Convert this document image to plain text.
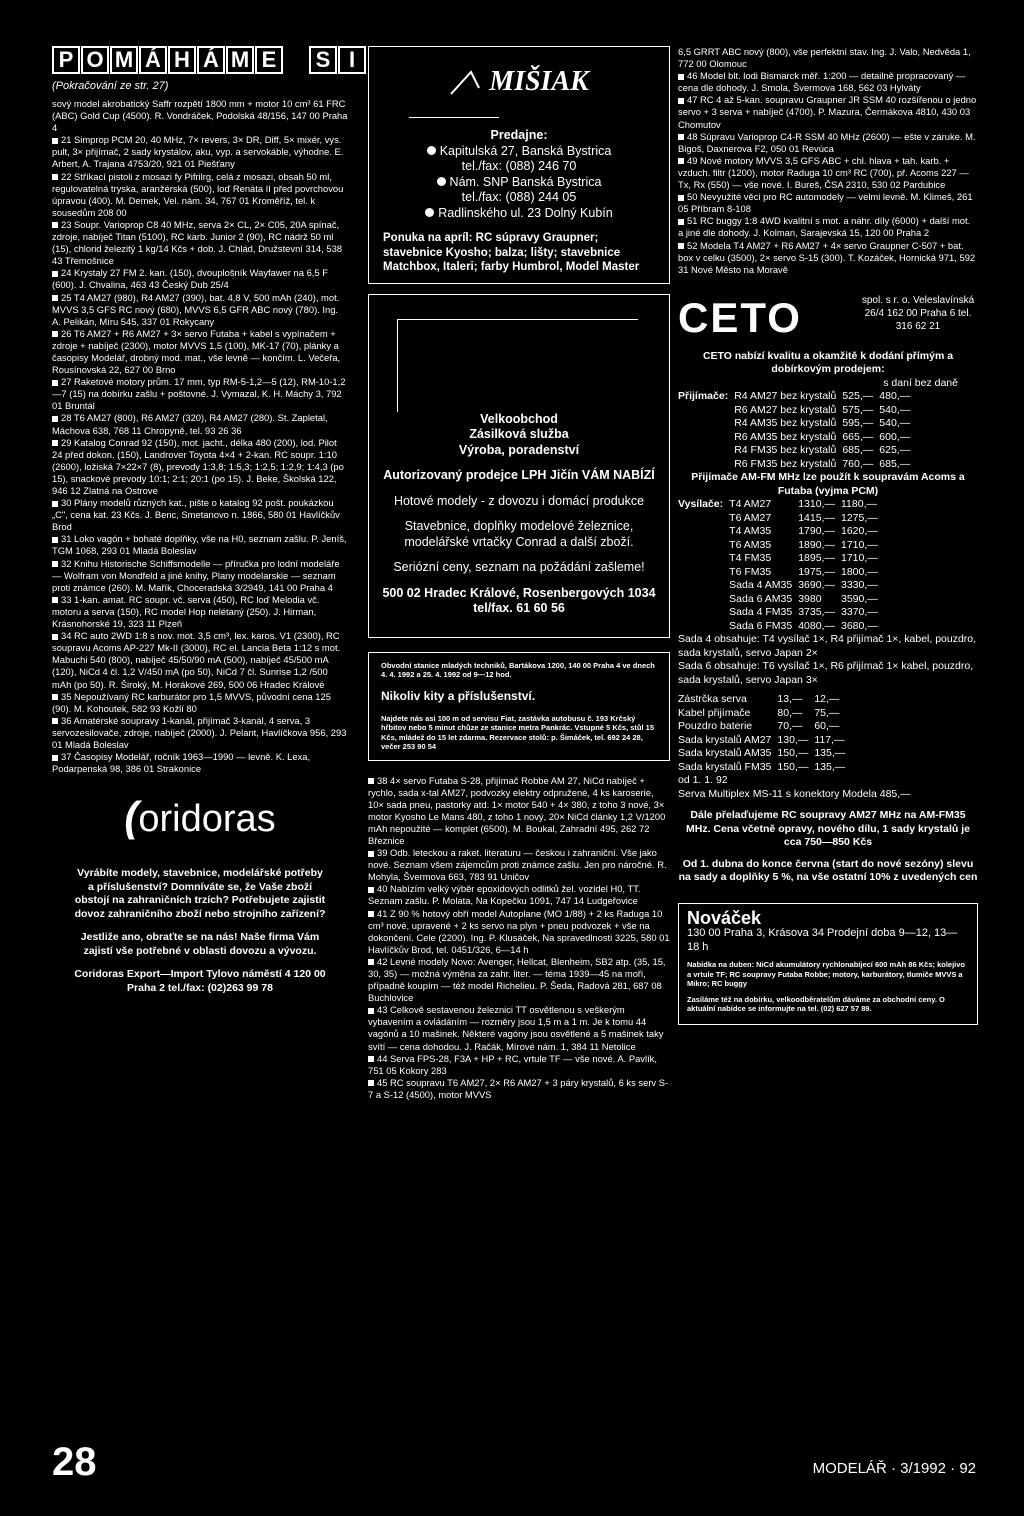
P O M Á H Á M E	S I
(Pokračování ze str. 27)

sový model akrobatický Saffr rozpětí 1800 mm + motor 10 cm³ 61 FRC (ABC) Gold Cup (4500). R. Vondráček, Podolská 48/156, 147 00 Praha 4

21 Simprop PCM 20, 40 MHz, 7× revers, 3× DR, Diff, 5× mixér, vys. pult, 3× přijímač, 2 sady krystálov, aku, vyp. a servokáble, výhodne. E. Arbert, A. Trajana 4753/20, 921 01 Piešťany

22 Stříkací pistoli z mosazi fy Pifrilrg, celá z mosazi, obsah 50 ml, regulovatelná tryska, aranžérská (500), loď Renáta II před povrchovou úpravou (400). M. Demek, Vel. nám. 34, 767 01 Kroměříž, tel. k sousedům 208 00

23 Soupr. Varioprop C8 40 MHz, serva 2× CL, 2× C05, 20A spínač, zdroje, nabíječ Titan (5100), RC karb. Junior 2 (90), RC nádrž 50 ml (15), chlorid železitý 1 kg/14 Kčs + dob. J. Chlád, Družstevní 314, 538 43 Třemošnice

24 Krystaly 27 FM 2. kan. (150), dvouplošník Wayfawer na 6,5 F (600). J. Chvalina, 463 43 Český Dub 25/4

25 T4 AM27 (980), R4 AM27 (390), bat. 4,8 V, 500 mAh (240), mot. MVVS 3,5 GFS RC nový (680), MVVS 6,5 GFR ABC nový (780). Ing. A. Pelikán, Míru 545, 337 01 Rokycany

26 T6 AM27 + R6 AM27 + 3× servo Futaba + kabel s vypínačem + zdroje + nabíječ (2300), motor MVVS 1,5 (100), MK-17 (70), plánky a časopisy Modelář, drobný mod. mat., vše levně — končím. L. Večeřa, Rousínovská 22, 627 00 Brno

27 Raketové motory prům. 17 mm, typ RM-5-1,2—5 (12), RM-10-1,2—7 (15) na dobírku zašlu + poštovné. J. Vymazal, K. H. Máchy 3, 792 01 Bruntál

28 T6 AM27 (800), R6 AM27 (320), R4 AM27 (280). St. Zapletal, Máchova 638, 768 11 Chropyně, tel. 93 26 36

29 Katalog Conrad 92 (150), mot. jacht., délka 480 (200), lod. Pilot 24 před dokon. (150), Landrover Toyota 4×4 + 2-kan. RC soupr. 1:10 (2600), ložiská 7×22×7 (8), prevody 1:3,8; 1:5,3; 1:2,5; 1:2,9; 1:4,3 (po 15), snackové prevody 10:1; 2:1; 20:1 (po 15). J. Beke, Školská 122, 946 12 Zlatná na Ostrove

30 Plány modelů různých kat., pište o katalog 92 pošt. poukázkou „C", cena kat. 23 Kčs. J. Benc, Smetanovo n. 1866, 580 01 Havlíčkův Brod

31 Loko vagón + bohaté doplňky, vše na H0, seznam zašlu. P. Jeníš, TGM 1068, 293 01 Mladá Boleslav

32 Knihu Historische Schiffsmodelle — příručka pro lodní modeláře — Wolfram von Mondfeld a jiné knihy, Plany modelarskie — seznam proti známce (260). M. Mařík, Choceradská 3/2949, 141 00 Praha 4

33 1-kan. amat. RC soupr. vč. serva (450), RC loď Melodia vč. motoru a serva (150), RC model Hop nelétaný (250). J. Hirman, Krásnohorské 19, 323 11 Plzeň

34 RC auto 2WD 1:8 s nov. mot. 3,5 cm³, lex. karos. V1 (2300), RC soupravu Acoms AP-227 Mk-II (3000), RC el. Lancia Beta 1:12 s mot. Mabuchi 540 (800), nabíječ 45/50/90 mA (500), nabíječ 45/500 mA (120), NiCd 4 čl. 1,2 V/450 mA (po 50), NiCd 7 čl. Sunrise 1,2 /500 mAh (po 50). R. Široký, M. Horákové 269, 500 06 Hradec Králové

35 Nepoužívaný RC karburátor pro 1,5 MVVS, původní cena 125 (90). M. Kohoutek, 582 93 Kožlí 80

36 Amatérské soupravy 1-kanál, přijímač 3-kanál, 4 serva, 3 servozesilovače, zdroje, nabíječ (2000). J. Pelant, Havlíčkova 956, 293 01 Mladá Boleslav

37 Časopisy Modelář, ročník 1963—1990 — levně. K. Lexa, Podarpenská 98, 386 01 Strakonice

(oridoras

Vyrábíte modely, stavebnice, modelářské potřeby a příslušenství? Domníváte se, že Vaše zboží obstojí na zahraničních trzích? Potřebujete zajistit dovoz zahraničního zboží nebo strojního zařízení?

Jestliže ano, obraťte se na nás! Naše firma Vám zajistí vše potřebné v oblasti dovozu a vývozu.

Coridoras Export—Import Tylovo náměstí 4 120 00 Praha 2 tel./fax: (02)263 99 78

MIŠIAK
Predajne:
Kapitulská 27, Banská Bystrica
tel./fax: (088) 246 70
Nám. SNP Banská Bystrica
tel./fax: (088) 244 05
Radlinského ul. 23 Dolný Kubín
Ponuka na apríl: RC súpravy Graupner; stavebnice Kyosho; balza; lišty; stavebnice Matchbox, Italeri; farby Humbrol, Model Master

Velkoobchod
Zásilková služba
Výroba, poradenství

Autorizovaný prodejce LPH Jičín VÁM NABÍZÍ

Hotové modely - z dovozu i domácí produkce

Stavebnice, doplňky modelové železnice, modelářské vrtačky Conrad a další zboží.

Seriózní ceny, seznam na požádání zašleme!

500 02 Hradec Králové, Rosenbergových 1034 tel/fax. 61 60 56

Obvodní stanice mladých techniků, Bartákova 1200, 140 00 Praha 4 ve dnech 4. 4. 1992 a 25. 4. 1992 od 9—12 hod.
Nikoliv kity a příslušenství.
Najdete nás asi 100 m od servisu Fiat, zastávka autobusu č. 193 Krčský hřbitov nebo 5 minut chůze ze stanice metra Pankrác. Vstupné 5 Kčs, stůl 15 Kčs, mládež do 15 let zdarma. Rezervace stolů: p. Šimáček, tel. 692 24 28, večer 253 90 54

38 4× servo Futaba S-28, přijímač Robbe AM 27, NiCd nabíječ + rychlo, sada x-tal AM27, podvozky elektry odpružené, 4 ks karoserie, 10× sada pneu, pastorky atd. 1× motor 540 + 4× 380, z toho 3 nové, 3× motor Kyosho Le Mans 480, z toho 1 nový, 20× NiCd články 1,2 V/1200 mAh nepoužité — komplet (6500). M. Boukal, Zahradní 495, 262 72 Březnice

39 Odb. leteckou a raket. literaturu — českou i zahraniční. Vše jako nové. Seznam všem zájemcům proti známce zašlu. Jen pro náročné. R. Mohyla, Švermova 663, 783 91 Uničov

40 Nabízím velký výběr epoxidových odlitků žel. vozidel H0, TT. Seznam zašlu. P. Molata, Na Kopečku 1091, 747 14 Ludgeřovice

41 Z 90 % hotový obří model Autoplane (MO 1/88) + 2 ks Raduga 10 cm³ nové, upravené + 2 ks servo na plyn + pneu podvozek + vše na dokončení. Cele (2200). Ing. P. Klusáček, Na spravedlnosti 3225, 580 01 Havlíčkův Brod, tel. 0451/326, 6—14 h

42 Levné modely Novo: Avenger, Hellcat, Blenheim, SB2 atp. (35, 15, 30, 35) — možná výměna za zahr. liter. — téma 1939—45 na moři, případně koupím — též model Richelieu. P. Šeda, Radová 281, 687 08 Buchlovice

43 Celkově sestavenou železnici TT osvětlenou s veškerým vybavením a ovládáním — rozměry jsou 1,5 m a 1 m. Je k tomu 44 vagónů a 10 mašinek. Některé vagóny jsou osvětlené a 5 mašinek taky svítí — cena dohodou. J. Račák, Mírové nám. 1, 384 11 Netolice

44 Serva FPS-28, F3A + HP + RC, vrtule TF — vše nové. A. Pavlík, 751 05 Kokory 283

45 RC soupravu T6 AM27, 2× R6 AM27 + 3 páry krystalů, 6 ks serv S-7 a S-12 (4500), motor MVVS

6,5 GRRT ABC nový (800), vše perfektní stav. Ing. J. Valo, Nedvěda 1, 772 00 Olomouc

46 Model blt. lodi Bismarck měř. 1:200 — detailně propracovaný — cena dle dohody. J. Smola, Švermova 168, 562 03 Hylváty

47 RC 4 až 5-kan. soupravu Graupner JR SSM 40 rozšířenou o jedno servo + 3 serva + nabíječ (4700). P. Mazura, Čermákova 4810, 430 03 Chomutov

48 Súpravu Varioprop C4-R SSM 40 MHz (2600) — ešte v záruke. M. Bigoš, Daxnerova F2, 050 01 Revúca

49 Nové motory MVVS 3,5 GFS ABC + chl. hlava + tah. karb. + vzduch. filtr (1200), motor Raduga 10 cm³ RC (700), př. Acoms 227 — Tx, Rx (550) — vše nové. I. Bureš, ČSA 2310, 530 02 Pardubice

50 Nevyužité věci pro RC automodely — velmi levně. M. Klimeš, 261 05 Příbram 8-108

51 RC buggy 1:8 4WD kvalitní s mot. a náhr. díly (6000) + další mot. a jiné dle dohody. J. Kolman, Sarajevská 15, 120 00 Praha 2

52 Modela T4 AM27 + R6 AM27 + 4× servo Graupner C-507 + bat. box v celku (3500), 2× servo S-15 (300). T. Kozáček, Hornická 971, 592 31 Nové Město na Moravě

CETO	spol. s r. o. Veleslavínská 26/4 162 00 Praha 6 tel. 316 62 21

CETO nabízí kvalitu a okamžitě k dodání přímým a dobírkovým prodejem:

s daní bez daně

Přijímače:	R4 AM27 bez krystalů	525,—	480,—
	R6 AM27 bez krystalů	575,—	540,—
	R4 AM35 bez krystalů	595,—	540,—
	R6 AM35 bez krystalů	665,—	600,—
	R4 FM35 bez krystalů	685,—	625,—
	R6 FM35 bez krystalů	760,—	685,—

Přijímače AM-FM MHz lze použít k soupravám Acoms a Futaba (vyjma PCM)

Vysílače:	T4 AM27	1310,—	1180,—
	T6 AM27	1415,—	1275,—
	T4 AM35	1790,—	1620,—
	T6 AM35	1890,—	1710,—
	T4 FM35	1895,—	1710,—
	T6 FM35	1975,—	1800,—
	Sada 4 AM35	3690,—	3330,—
	Sada 6 AM35	3980	3590,—
	Sada 4 FM35	3735,—	3370,—
	Sada 6 FM35	4080,—	3680,—

Sada 4 obsahuje: T4 vysílač 1×, R4 přijímač 1×, kabel, pouzdro, sada krystalů, servo Japan 2×

Sada 6 obsahuje: T6 vysílač 1×, R6 přijímač 1× kabel, pouzdro, sada krystalů, servo Japan 3×

Zástrčka serva	13,—	12,—
Kabel přijímače	80,—	75,—
Pouzdro baterie	70,—	60,—
Sada krystalů AM27	130,—	117,—
Sada krystalů AM35	150,—	135,—
Sada krystalů FM35	150,—	135,—

od 1. 1. 92

Serva Multiplex MS-11 s konektory Modela 485,—

Dále přelaďujeme RC soupravy AM27 MHz na AM-FM35 MHz. Cena včetně opravy, nového dílu, 1 sady krystalů je cca 750—850 Kčs

Od 1. dubna do konce června (start do nové sezóny) slevu na sady a doplňky 5 %, na vše ostatní 10% z uvedených cen

Nováček 130 00 Praha 3, Krásova 34 Prodejní doba 9—12, 13—18 h
Nabídka na duben: NiCd akumulátory rychlonabíjecí 600 mAh 86 Kčs; kolejivo a vrtule TF; RC soupravy Futaba Robbe; motory, karburátory, tlumiče MVVS a Mikro; RC buggy
Zasíláme též na dobírku, velkoodběratelům dáváme za obchodní ceny. O aktuální nabídce se informujte na tel. (02) 627 57 89.
28	MODELÁŘ · 3/1992 · 92
